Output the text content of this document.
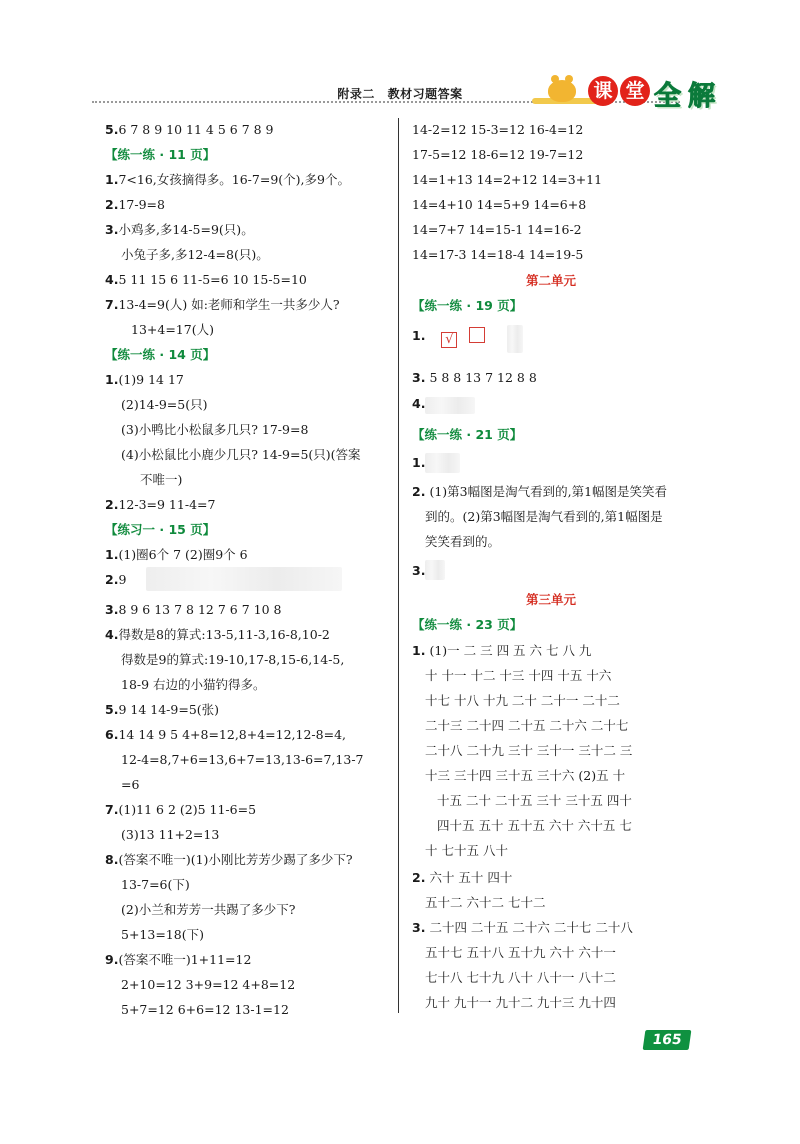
附录二 教材习题答案	课 堂 全 解
5.6 7 8 9 10 11 4 5 6 7 8 9
【练一练 · 11 页】
1.7<16,女孩摘得多。16-7=9(个),多9个。
2.17-9=8
3.小鸡多,多14-5=9(只)。
小兔子多,多12-4=8(只)。
4.5 11 15 6 11-5=6 10 15-5=10
7.13-4=9(人) 如:老师和学生一共多少人?
13+4=17(人)
【练一练 · 14 页】
1.(1)9 14 17
(2)14-9=5(只)
(3)小鸭比小松鼠多几只? 17-9=8
(4)小松鼠比小鹿少几只? 14-9=5(只)(答案
不唯一)
2.12-3=9 11-4=7
【练习一 · 15 页】
1.(1)圈6个 7 (2)圈9个 6
2.9
3.8 9 6 13 7 8 12 7 6 7 10 8
4.得数是8的算式:13-5,11-3,16-8,10-2
得数是9的算式:19-10,17-8,15-6,14-5,
18-9 右边的小猫钓得多。
5.9 14 14-9=5(张)
6.14 14 9 5 4+8=12,8+4=12,12-8=4,
12-4=8,7+6=13,6+7=13,13-6=7,13-7
=6
7.(1)11 6 2 (2)5 11-6=5
(3)13 11+2=13
8.(答案不唯一)(1)小刚比芳芳少踢了多少下?
13-7=6(下)
(2)小兰和芳芳一共踢了多少下?
5+13=18(下)
9.(答案不唯一)1+11=12
2+10=12 3+9=12 4+8=12
5+7=12 6+6=12 13-1=12
14-2=12 15-3=12 16-4=12
17-5=12 18-6=12 19-7=12
14=1+13 14=2+12 14=3+11
14=4+10 14=5+9 14=6+8
14=7+7 14=15-1 14=16-2
14=17-3 14=18-4 14=19-5
第二单元
【练一练 · 19 页】
1. √
3. 5 8 8 13 7 12 8 8
4.
【练一练 · 21 页】
1.
2. (1)第3幅图是淘气看到的,第1幅图是笑笑看
到的。(2)第3幅图是淘气看到的,第1幅图是
笑笑看到的。
3.
第三单元
【练一练 · 23 页】
1. (1)一 二 三 四 五 六 七 八 九
十 十一 十二 十三 十四 十五 十六
十七 十八 十九 二十 二十一 二十二
二十三 二十四 二十五 二十六 二十七
二十八 二十九 三十 三十一 三十二 三
十三 三十四 三十五 三十六 (2)五 十
十五 二十 二十五 三十 三十五 四十
四十五 五十 五十五 六十 六十五 七
十 七十五 八十
2. 六十 五十 四十
五十二 六十二 七十二
3. 二十四 二十五 二十六 二十七 二十八
五十七 五十八 五十九 六十 六十一
七十八 七十九 八十 八十一 八十二
九十 九十一 九十二 九十三 九十四
165
